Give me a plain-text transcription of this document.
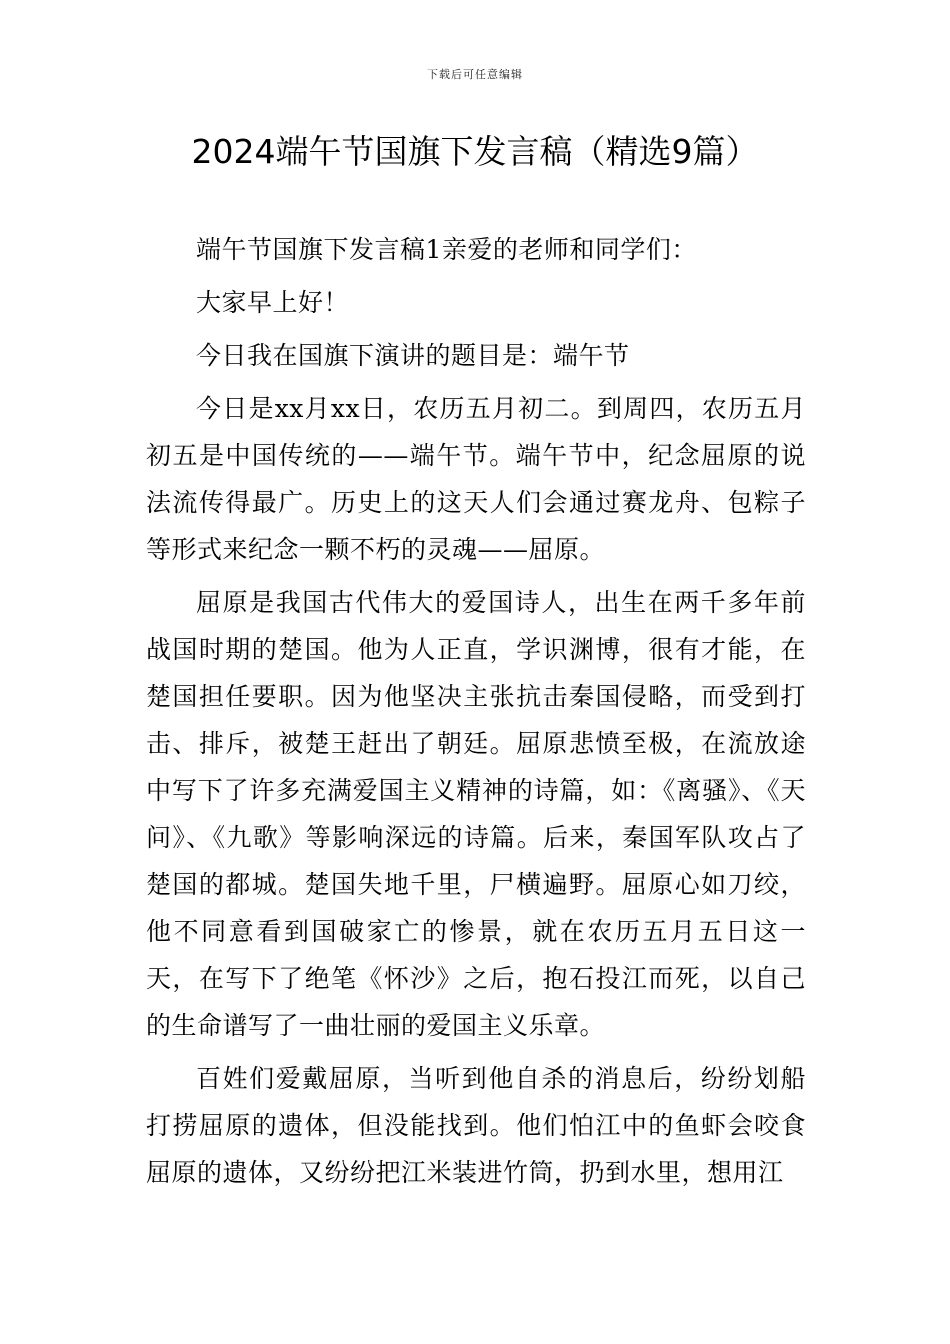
下载后可任意编辑
2024端午节国旗下发言稿（精选9篇）

端午节国旗下发言稿1亲爱的老师和同学们：

大家早上好！

今日我在国旗下演讲的题目是：端午节

今日是xx月xx日，农历五月初二。到周四，农历五月初五是中国传统的——端午节。端午节中，纪念屈原的说法流传得最广。历史上的这天人们会通过赛龙舟、包粽子等形式来纪念一颗不朽的灵魂——屈原。

屈原是我国古代伟大的爱国诗人，出生在两千多年前战国时期的楚国。他为人正直，学识渊博，很有才能，在楚国担任要职。因为他坚决主张抗击秦国侵略，而受到打击、排斥，被楚王赶出了朝廷。屈原悲愤至极，在流放途中写下了许多充满爱国主义精神的诗篇，如：《离骚》、《天问》、《九歌》等影响深远的诗篇。后来，秦国军队攻占了楚国的都城。楚国失地千里，尸横遍野。屈原心如刀绞，他不同意看到国破家亡的惨景，就在农历五月五日这一天，在写下了绝笔《怀沙》之后，抱石投江而死，以自己的生命谱写了一曲壮丽的爱国主义乐章。

百姓们爱戴屈原，当听到他自杀的消息后，纷纷划船打捞屈原的遗体，但没能找到。他们怕江中的鱼虾会咬食屈原的遗体，又纷纷把江米装进竹筒，扔到水里，想用江
